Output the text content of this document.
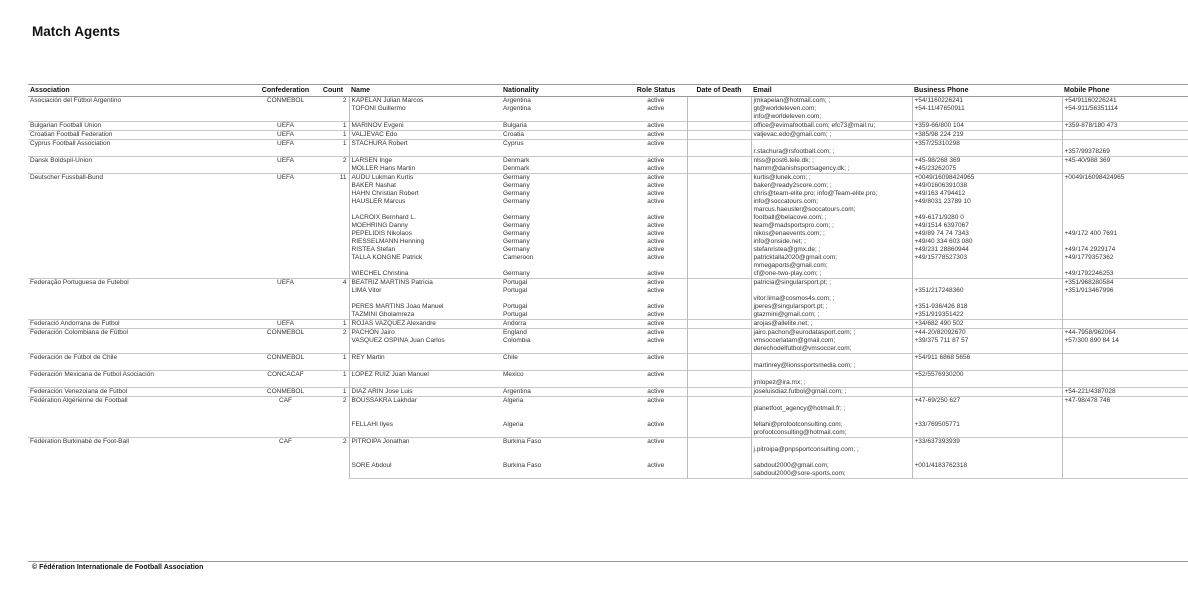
Match Agents
Association	Confederation	Count	Name	Nationality	Role Status	Date of Death	Email	Business Phone	Mobile Phone
Asociación del Fútbol Argentino	CONMEBOL	2	KAPELAN Julian Marcos	Argentina	active		jmkapelan@hotmail.com; ;	+54/1160226241	+54/91160226241

			TOFONI Guillermo	Argentina	active		gt@worldeleven.com;
info@worldeleven.com;	+54-11/47650911	+54-911/56351114

Bulgarian Football Union	UEFA	1	MARINOV Evgeni	Bulgaria	active		office@evimafootball.com; efc73@mail.ru;	+359-66/800 104	+359-878/180 473

Croatian Football Federation	UEFA	1	VALJEVAC Edo	Croatia	active		valjevac.edo@gmail.com; ;	+385/98 224 219	

Cyprus Football Association	UEFA	1	STACHURA Robert	Cyprus	active		r.stachura@rsfootball.com; ;	+357/25310298	+357/99378269

Dansk Boldspil-Union	UEFA	2	LARSEN Inge	Denmark	active		nlss@post6.tele.dk; ;	+45-98/268 369	+45-40/988 369

			MOLLER Hans Martin	Denmark	active		hamm@danishsportsagency.dk; ;	+45/23262075	

Deutscher Fussball-Bund	UEFA	11	AUDU Lukman Kurtis	Germany	active		kurtis@lunek.com; ;	+0049/16098424965	+0049/16098424965

			BAKER Nashat	Germany	active		baker@ready2score.com; ;	+49/01606391038	

			HAHN Christian Robert	Germany	active		chris@team-elite.pro; info@Team-elite.pro;	+49/163 4794412	

			HAUSLER Marcus	Germany	active		info@soccatours.com;
marcus.haeusler@soccatours.com;	+49/8031 23789 10	

			LACROIX Bernhard L.	Germany	active		football@belacove.com; ;	+49-6171/9280 0	

			MOEHRING Danny	Germany	active		team@madsportspro.com; ;	+49/1514 6397067	

			PEPELIDIS Nikolaos	Germany	active		nikos@enaevents.com; ;	+49/89 74 74 7343	+49/172 400 7691

			RIESSELMANN Henning	Germany	active		info@onside.net; ;	+49/40 334 603 080	

			RISTEA Stefan	Germany	active		stefanristea@gmx.de; ;	+49/231 28860944	+49/174 2929174

			TALLA KONGNE Patrick	Cameroon	active		patricktalla2020@gmail.com;
mmegaports@gmail.com;	+49/15778527303	+49/1779357362

			WIECHEL Christina	Germany	active		cf@one-two-play.com; ;		+49/1792246253

Federação Portuguesa de Futebol	UEFA	4	BEATRIZ MARTINS Patricia	Portugal	active		patricia@singularsport.pt; ;		+351/968280584

			LIMA Vitor	Portugal	active		vitor.lima@cosmos4s.com; ;	+351/217248360	+351/913467996

			PERES MARTINS Joao Manuel	Portugal	active		jperes@singularsport.pt; ;	+351-936/426 818	

			TAZMINI Gholamreza	Portugal	active		gtazmini@gmail.com; ;	+351/919351422	

Federació Andorrana de Futbol	UEFA	1	ROJAS VAZQUEZ Alexandre	Andorra	active		arojas@allelite.net; ;	+34/682 490 502	

Federación Colombiana de Fútbol	CONMEBOL	2	PACHON Jairo	England	active		jairo.pachon@eurodatasport.com; ;	+44-20/82092670	+44-7958/962064

			VASQUEZ OSPINA Juan Carlos	Colombia	active		vmsoccerlatam@gmail.com;
derechodelfutbol@vmsoccer.com;	+39/375 711 87 57	+57/300 890 84 14

Federación de Fútbol de Chile	CONMEBOL	1	REY Martin	Chile	active		martinrey@lionssportsmedia.com; ;	+54/911 6868 5656	

Federación Mexicana de Futbol Asociación	CONCACAF	1	LOPEZ RUIZ Juan Manuel	Mexico	active		jmlopez@ira.mx; ;	+52/5576930200	

Federación Venezolana de Fútbol	CONMEBOL	1	DIAZ ARIN Jose Luis	Argentina	active		joseluisdiaz.futbol@gmail.com; ;		+54-221/4387028

Fédération Algérienne de Football	CAF	2	BOUSSAKRA Lakhdar	Algeria	active		planetfoot_agency@hotmail.fr; ;	+47-69/250 627	+47-98/478 746

			FELLAHI Ilyes	Algeria	active		fellahi@profootconsulting.com;
profootconsulting@hotmail.com;	+33/769505771	

Fédération Burkinabè de Foot-Ball	CAF	2	PITROIPA Jonathan	Burkina Faso	active		j.pitroipa@pnpsportconsulting.com; ;	+33/637393939	

			SORE Abdoul	Burkina Faso	active		sabdoul2000@gmail.com;
sabdoul2000@sore-sports.com;	+001/4183762318	

© Fédération Internationale de Football Association
